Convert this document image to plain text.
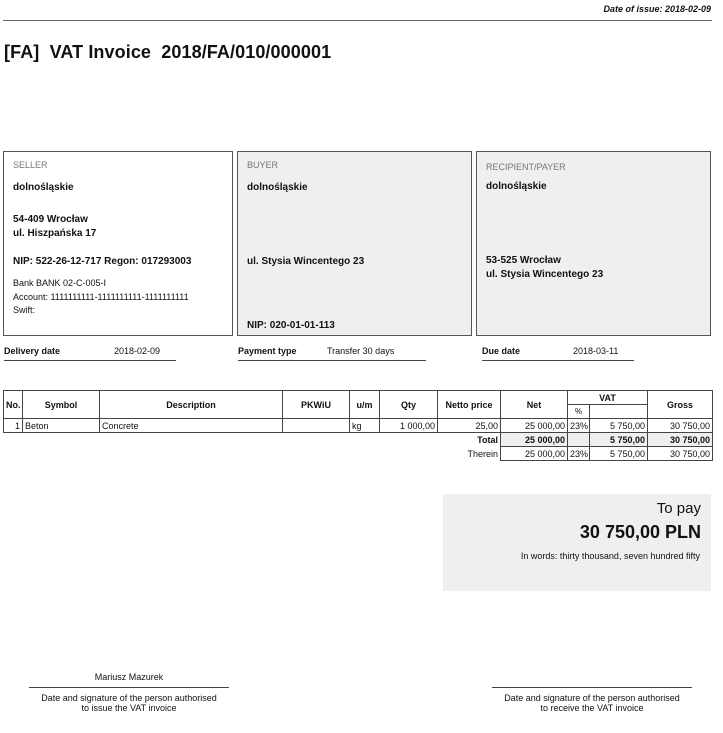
Date of issue: 2018-02-09
[FA]  VAT Invoice  2018/FA/010/000001
SELLER
dolnośląskie
54-409 Wrocław
ul. Hiszpańska 17
NIP: 522-26-12-717 Regon: 017293003
Bank BANK 02-C-005-I
Account: 1111111111-1111111111-1111111111
Swift:
BUYER
dolnośląskie
ul. Stysia Wincentego 23
NIP: 020-01-01-113
RECIPIENT/PAYER
dolnośląskie
53-525 Wrocław
ul. Stysia Wincentego 23
Delivery date	2018-02-09	Payment type	Transfer 30 days	Due date	2018-03-11
No.	Symbol	Description	PKWiU	u/m	Qty	Netto price	Net	VAT		Gross
								%		
1	Beton	Concrete		kg	1 000,00	25,00	25 000,00	23%	5 750,00	30 750,00
Total							25 000,00		5 750,00	30 750,00
Therein							25 000,00	23%	5 750,00	30 750,00
To pay
30 750,00 PLN
In words: thirty thousand, seven hundred fifty
Mariusz Mazurek
Date and signature of the person authorised
to issue the VAT invoice
Date and signature of the person authorised
to receive the VAT invoice
